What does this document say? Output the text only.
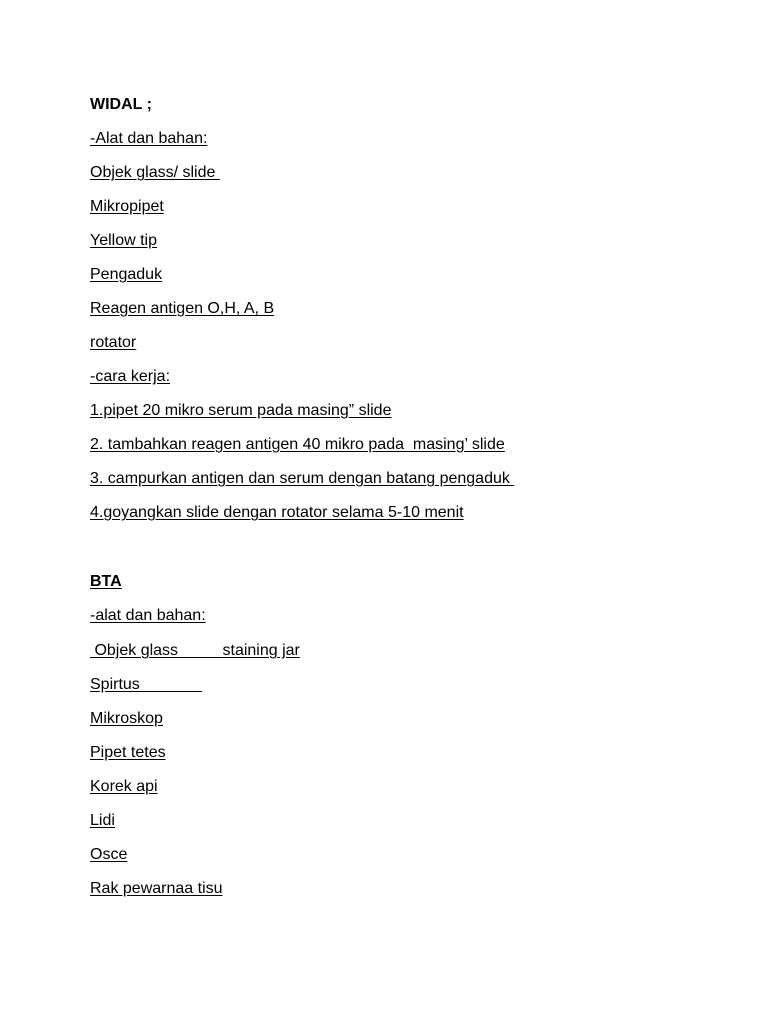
WIDAL ;
-Alat dan bahan:
Objek glass/ slide
Mikropipet
Yellow tip
Pengaduk
Reagen antigen O,H, A, B
rotator
-cara kerja:
1.pipet 20 mikro serum pada masing” slide
2. tambahkan reagen antigen 40 mikro pada  masing’ slide
3. campurkan antigen dan serum dengan batang pengaduk
4.goyangkan slide dengan rotator selama 5-10 menit
BTA
-alat dan bahan:
Objek glass          staining jar
Spirtus
Mikroskop
Pipet tetes
Korek api
Lidi
Osce
Rak pewarnaa tisu
